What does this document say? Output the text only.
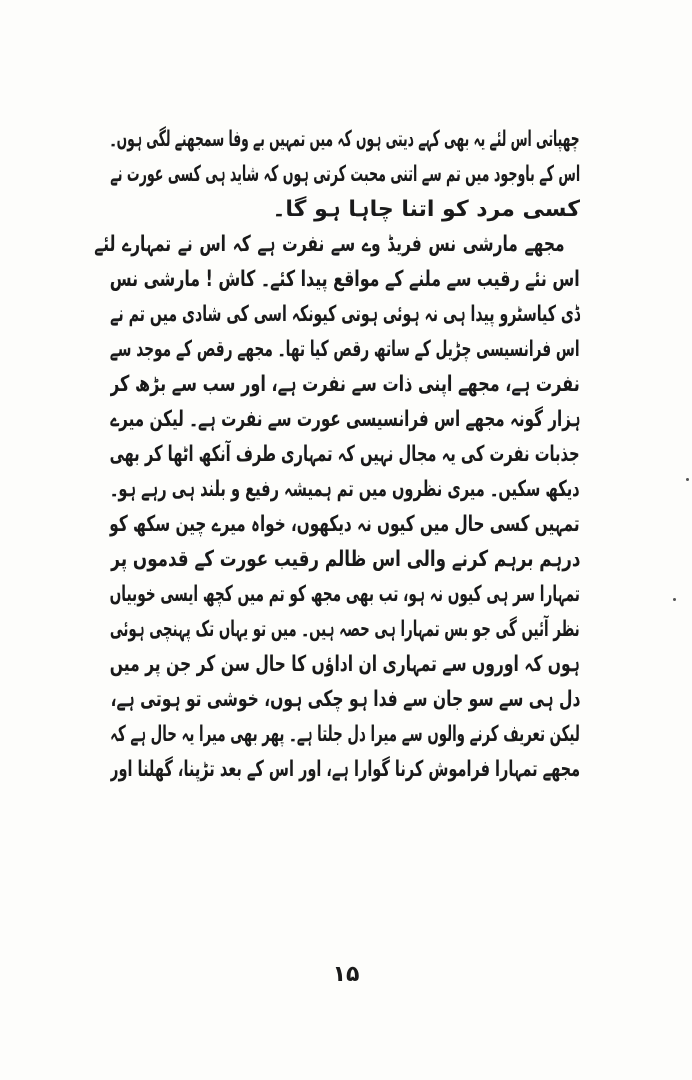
چھپاتی اس لئے یہ بھی کہے دیتی ہوں کہ میں تمہیں بے وفا سمجھنے لگی ہوں۔
اس کے باوجود میں تم سے اتنی محبت کرتی ہوں کہ شاید ہی کسی عورت نے
کسی مرد کو اتنا چاہا ہو گا۔
مجھے مارشی نس فریڈ وے سے نفرت ہے کہ اس نے تمہارے لئے
اس نئے رقیب سے ملنے کے مواقع پیدا کئے۔ کاش ! مارشی نس
ڈی کیاسٹرو پیدا ہی نہ ہوئی ہوتی کیونکہ اسی کی شادی میں تم نے
اس فرانسیسی چڑیل کے ساتھ رقص کیا تھا۔ مجھے رقص کے موجد سے
نفرت ہے، مجھے اپنی ذات سے نفرت ہے، اور سب سے بڑھ کر
ہزار گونہ مجھے اس فرانسیسی عورت سے نفرت ہے۔ لیکن میرے
جذبات نفرت کی یہ مجال نہیں کہ تمہاری طرف آنکھ اٹھا کر بھی
دیکھ سکیں۔ میری نظروں میں تم ہمیشہ رفیع و بلند ہی رہے ہو۔
تمہیں کسی حال میں کیوں نہ دیکھوں، خواہ میرے چین سکھ کو
درہم برہم کرنے والی اس ظالم رقیب عورت کے قدموں پر
تمہارا سر ہی کیوں نہ ہو، تب بھی مجھ کو تم میں کچھ ایسی خوبیاں
نظر آئیں گی جو بس تمہارا ہی حصہ ہیں۔ میں تو یہاں تک پہنچی ہوئی
ہوں کہ اوروں سے تمہاری ان اداؤں کا حال سن کر جن پر میں
دل ہی سے سو جان سے فدا ہو چکی ہوں، خوشی تو ہوتی ہے،
لیکن تعریف کرنے والوں سے میرا دل جلتا ہے۔ پھر بھی میرا یہ حال ہے کہ
مجھے تمہارا فراموش کرنا گوارا ہے، اور اس کے بعد تڑپنا، گھلنا اور
۱۵
